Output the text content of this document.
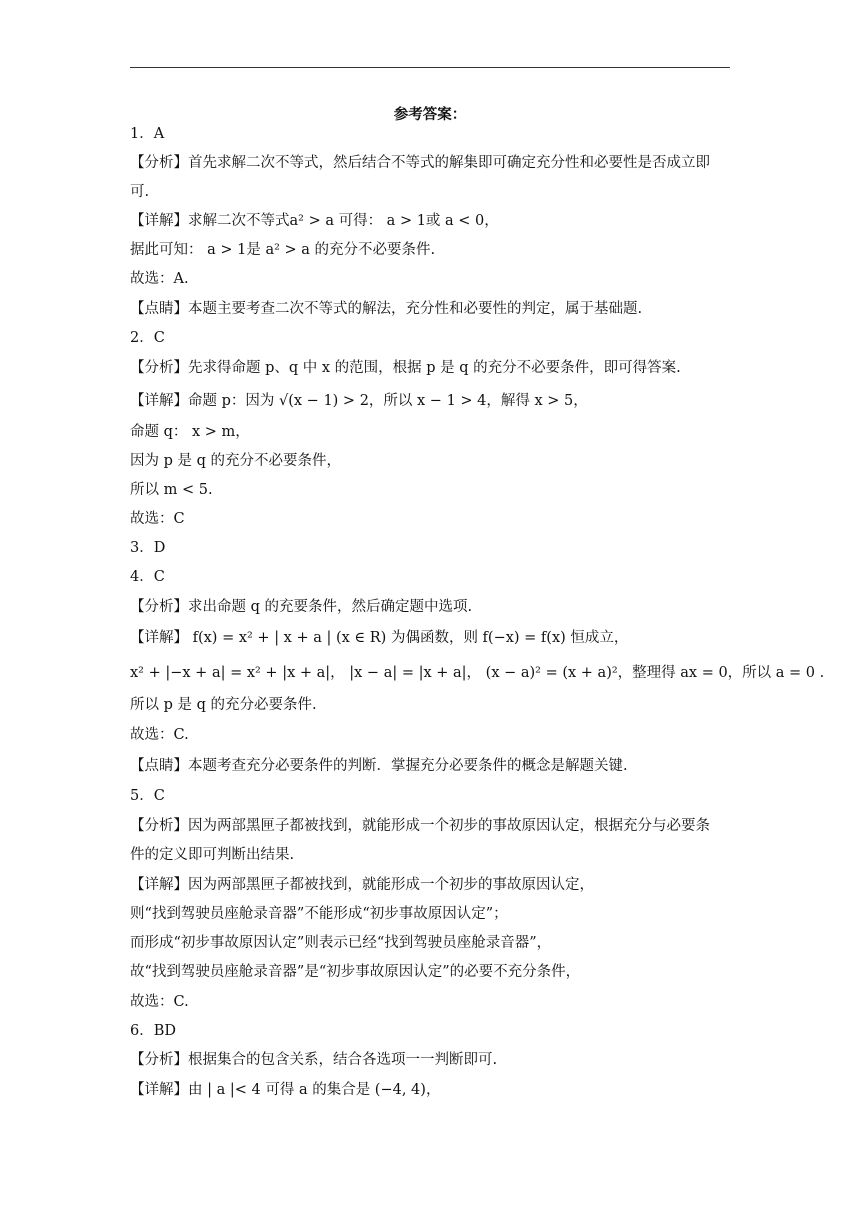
参考答案：
1．A
【分析】首先求解二次不等式，然后结合不等式的解集即可确定充分性和必要性是否成立即
可.
【详解】求解二次不等式a² > a 可得： a > 1或 a < 0，
据此可知： a > 1是 a² > a 的充分不必要条件.
故选：A.
【点睛】本题主要考查二次不等式的解法，充分性和必要性的判定，属于基础题.
2．C
【分析】先求得命题 p、q 中 x 的范围，根据 p 是 q 的充分不必要条件，即可得答案.
【详解】命题 p：因为 √(x − 1) > 2，所以 x − 1 > 4，解得 x > 5，
命题 q： x > m，
因为 p 是 q 的充分不必要条件，
所以 m < 5.
故选：C
3．D
4．C
【分析】求出命题 q 的充要条件，然后确定题中选项.
【详解】 f(x) = x² + | x + a | (x ∈ R) 为偶函数，则 f(−x) = f(x) 恒成立，
x² + |−x + a| = x² + |x + a|， |x − a| = |x + a|， (x − a)² = (x + a)²，整理得 ax = 0，所以 a = 0 .
所以 p 是 q 的充分必要条件.
故选：C.
【点睛】本题考查充分必要条件的判断．掌握充分必要条件的概念是解题关键.
5．C
【分析】因为两部黑匣子都被找到，就能形成一个初步的事故原因认定，根据充分与必要条
件的定义即可判断出结果.
【详解】因为两部黑匣子都被找到，就能形成一个初步的事故原因认定，
则“找到驾驶员座舱录音器”不能形成“初步事故原因认定”；
而形成“初步事故原因认定”则表示已经“找到驾驶员座舱录音器”，
故“找到驾驶员座舱录音器”是“初步事故原因认定”的必要不充分条件，
故选：C.
6．BD
【分析】根据集合的包含关系，结合各选项一一判断即可.
【详解】由 | a |< 4 可得 a 的集合是 (−4, 4)，
